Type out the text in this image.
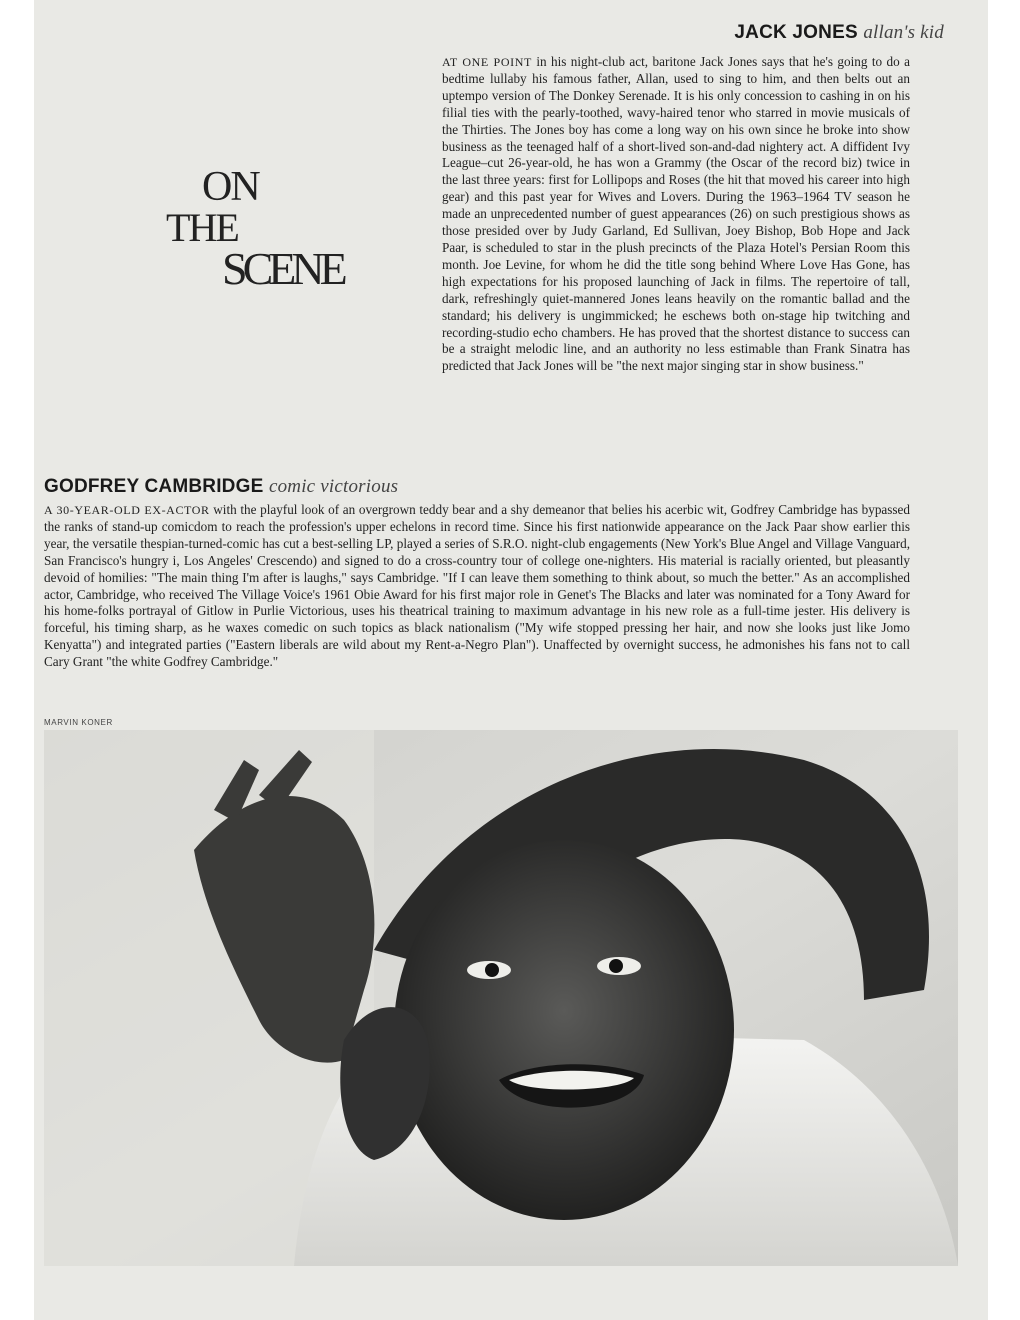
ON
THE
SCENE
JACK JONES allan's kid
AT ONE POINT in his night-club act, baritone Jack Jones says that he's going to do a bedtime lullaby his famous father, Allan, used to sing to him, and then belts out an uptempo version of The Donkey Serenade. It is his only concession to cashing in on his filial ties with the pearly-toothed, wavy-haired tenor who starred in movie musicals of the Thirties. The Jones boy has come a long way on his own since he broke into show business as the teenaged half of a short-lived son-and-dad nightery act. A diffident Ivy League–cut 26-year-old, he has won a Grammy (the Oscar of the record biz) twice in the last three years: first for Lollipops and Roses (the hit that moved his career into high gear) and this past year for Wives and Lovers. During the 1963–1964 TV season he made an unprecedented number of guest appearances (26) on such prestigious shows as those presided over by Judy Garland, Ed Sullivan, Joey Bishop, Bob Hope and Jack Paar, is scheduled to star in the plush precincts of the Plaza Hotel's Persian Room this month. Joe Levine, for whom he did the title song behind Where Love Has Gone, has high expectations for his proposed launching of Jack in films. The repertoire of tall, dark, refreshingly quiet-mannered Jones leans heavily on the romantic ballad and the standard; his delivery is ungimmicked; he eschews both on-stage hip twitching and recording-studio echo chambers. He has proved that the shortest distance to success can be a straight melodic line, and an authority no less estimable than Frank Sinatra has predicted that Jack Jones will be "the next major singing star in show business."
GODFREY CAMBRIDGE comic victorious
A 30-YEAR-OLD EX-ACTOR with the playful look of an overgrown teddy bear and a shy demeanor that belies his acerbic wit, Godfrey Cambridge has bypassed the ranks of stand-up comicdom to reach the profession's upper echelons in record time. Since his first nationwide appearance on the Jack Paar show earlier this year, the versatile thespian-turned-comic has cut a best-selling LP, played a series of S.R.O. night-club engagements (New York's Blue Angel and Village Vanguard, San Francisco's hungry i, Los Angeles' Crescendo) and signed to do a cross-country tour of college one-nighters. His material is racially oriented, but pleasantly devoid of homilies: "The main thing I'm after is laughs," says Cambridge. "If I can leave them something to think about, so much the better." As an accomplished actor, Cambridge, who received The Village Voice's 1961 Obie Award for his first major role in Genet's The Blacks and later was nominated for a Tony Award for his home-folks portrayal of Gitlow in Purlie Victorious, uses his theatrical training to maximum advantage in his new role as a full-time jester. His delivery is forceful, his timing sharp, as he waxes comedic on such topics as black nationalism ("My wife stopped pressing her hair, and now she looks just like Jomo Kenyatta") and integrated parties ("Eastern liberals are wild about my Rent-a-Negro Plan"). Unaffected by overnight success, he admonishes his fans not to call Cary Grant "the white Godfrey Cambridge."
MARVIN KONER
